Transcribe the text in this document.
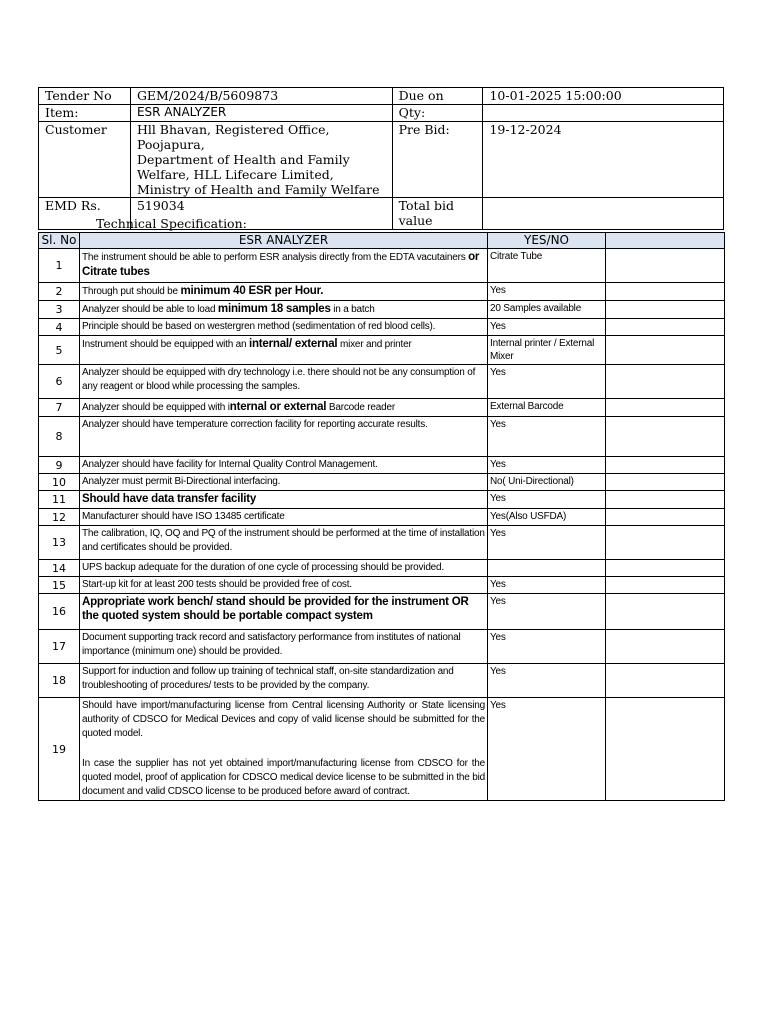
Tender No	GEM/2024/B/5609873	Due on	10-01-2025 15:00:00
Item:	ESR ANALYZER	Qty:	
Customer	Hll Bhavan, Registered Office, Poojapura,
Department of Health and Family
Welfare, HLL Lifecare Limited,
Ministry of Health and Family Welfare	Pre Bid:	19-12-2024
EMD Rs.	519034	Total bid
value	

Technical Specification:
Sl. No	ESR ANALYZER	YES/NO	
1	The instrument should be able to perform ESR analysis directly from the EDTA vacutainers or Citrate tubes	Citrate Tube	
2	Through put should be minimum 40 ESR per Hour.	Yes	
3	Analyzer should be able to load minimum 18 samples in a batch	20 Samples available	
4	Principle should be based on westergren method (sedimentation of red blood cells).	Yes	
5	Instrument should be equipped with an internal/ external mixer and printer	Internal printer / External Mixer	
6	Analyzer should be equipped with dry technology i.e. there should not be any consumption of any reagent or blood while processing the samples.	Yes	
7	Analyzer should be equipped with internal or external Barcode reader	External Barcode	
8	Analyzer should have temperature correction facility for reporting accurate results.	Yes	
9	Analyzer should have facility for Internal Quality Control Management.	Yes	
10	Analyzer must permit Bi-Directional interfacing.	No( Uni-Directional)	
11	Should have data transfer facility	Yes	
12	Manufacturer should have ISO 13485 certificate	Yes(Also USFDA)	
13	The calibration, IQ, OQ and PQ of the instrument should be performed at the time of installation and certificates should be provided.	Yes	
14	UPS backup adequate for the duration of one cycle of processing should be provided.		
15	Start-up kit for at least 200 tests should be provided free of cost.	Yes	
16	Appropriate work bench/ stand should be provided for the instrument OR the quoted system should be portable compact system	Yes	
17	Document supporting track record and satisfactory performance from institutes of national importance (minimum one) should be provided.	Yes	
18	Support for induction and follow up training of technical staff, on-site standardization and troubleshooting of procedures/ tests to be provided by the company.	Yes	
19	Should have import/manufacturing license from Central licensing Authority or State licensing authority of CDSCO for Medical Devices and copy of valid license should be submitted for the quoted model.

In case the supplier has not yet obtained import/manufacturing license from CDSCO for the quoted model, proof of application for CDSCO medical device license to be submitted in the bid document and valid CDSCO license to be produced before award of contract.	Yes	
